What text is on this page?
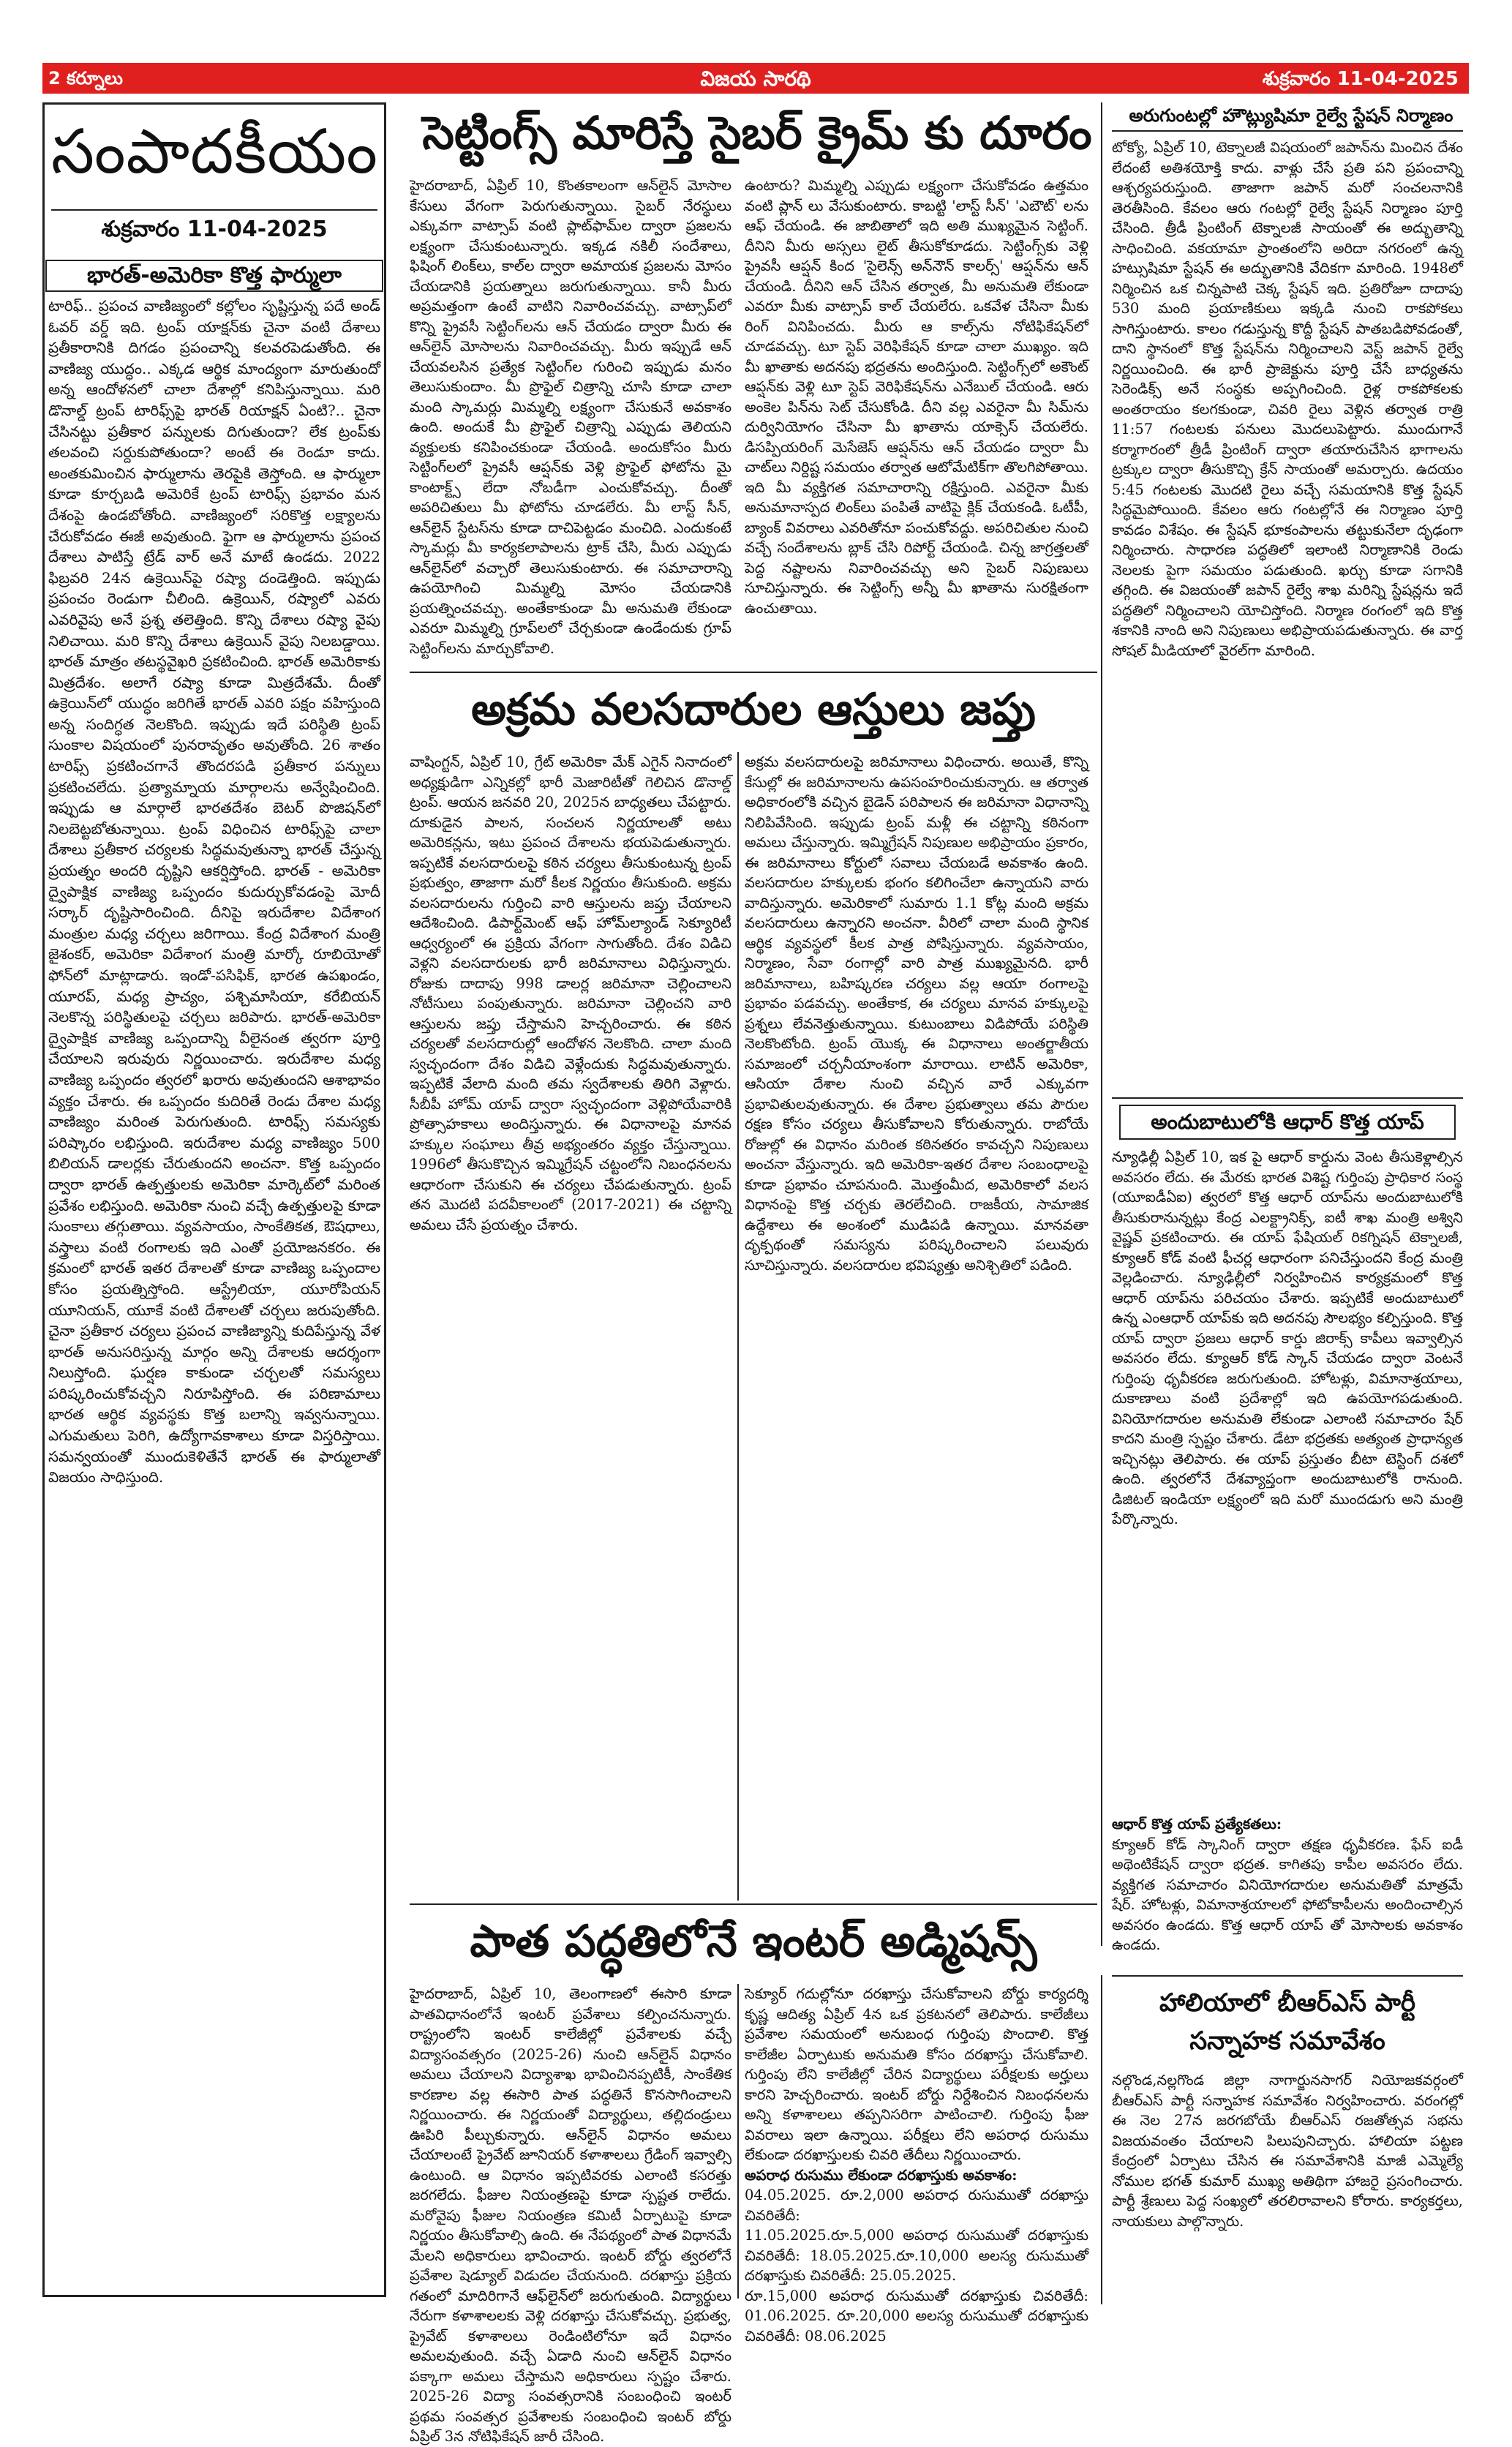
2 కర్నూలు	విజయ సారథి	శుక్రవారం 11-04-2025
సంపాదకీయం
శుక్రవారం 11-04-2025
భారత్-అమెరికా కొత్త ఫార్ములా

టారిఫ్.. ప్రపంచ వాణిజ్యంలో కల్లోలం సృష్టిస్తున్న పదే అండ్ ఓవర్ వర్డ్ ఇది. ట్రంప్ యాక్షన్‌కు చైనా వంటి దేశాలు ప్రతీకారానికి దిగడం ప్రపంచాన్ని కలవరపెడుతోంది. ఈ వాణిజ్య యుద్ధం.. ఎక్కడ ఆర్థిక మాంద్యంగా మారుతుందో అన్న ఆందోళనలో చాలా దేశాల్లో కనిపిస్తున్నాయి. మరి డొనాల్డ్ ట్రంప్ టారిఫ్స్‌పై భారత్ రియాక్షన్ ఏంటి?.. చైనా చేసినట్టు ప్రతీకార పన్నులకు దిగుతుందా? లేక ట్రంప్‌కు తలవంచి సర్దుకుపోతుందా? అంటే ఈ రెండూ కాదు. అంతకుమించిన ఫార్ములాను తెరపైకి తెస్తోంది. ఆ ఫార్ములా కూడా కూర్చబడి అమెరికే ట్రంప్ టారిఫ్స్ ప్రభావం మన దేశంపై ఉండబోతోంది. వాణిజ్యంలో సరికొత్త లక్ష్యాలను చేరుకోవడం ఈజీ అవుతుంది. ఫైగా ఆ ఫార్ములాను ప్రపంచ దేశాలు పాటిస్తే ట్రేడ్ వార్ అనే మాటే ఉండదు. 2022 ఫిబ్రవరి 24న ఉక్రెయిన్‌పై రష్యా దండెత్తింది. ఇప్పుడు ప్రపంచం రెండుగా చీలింది. ఉక్రెయిన్, రష్యాలో ఎవరు ఎవరివైపు అనే ప్రశ్న తలెత్తింది. కొన్ని దేశాలు రష్యా వైపు నిలిచాయి. మరి కొన్ని దేశాలు ఉక్రెయిన్ వైపు నిలబడ్డాయి. భారత్ మాత్రం తటస్థవైఖరి ప్రకటించింది. భారత్ అమెరికాకు మిత్రదేశం. అలాగే రష్యా కూడా మిత్రదేశమే. దీంతో ఉక్రెయిన్‌లో యుద్ధం జరిగితే భారత్ ఎవరి పక్షం వహిస్తుంది అన్న సందిగ్ధత నెలకొంది. ఇప్పుడు ఇదే పరిస్థితి ట్రంప్ సుంకాల విషయంలో పునరావృతం అవుతోంది. 26 శాతం టారిఫ్స్ ప్రకటించగానే తొందరపడి ప్రతీకార పన్నులు ప్రకటించలేదు. ప్రత్యామ్నాయ మార్గాలను అన్వేషించింది. ఇప్పుడు ఆ మార్గాలే భారతదేశం బెటర్ పొజిషన్‌లో నిలబెట్టబోతున్నాయి. ట్రంప్ విధించిన టారిఫ్స్‌పై చాలా దేశాలు ప్రతీకార చర్యలకు సిద్ధమవుతున్నా భారత్ చేస్తున్న ప్రయత్నం అందరి దృష్టిని ఆకర్షిస్తోంది. భారత్ - అమెరికా ద్వైపాక్షిక వాణిజ్య ఒప్పందం కుదుర్చుకోవడంపై మోదీ సర్కార్ దృష్టిసారించింది. దీనిపై ఇరుదేశాల విదేశాంగ మంత్రుల మధ్య చర్చలు జరిగాయి. కేంద్ర విదేశాంగ మంత్రి జైశంకర్, అమెరికా విదేశాంగ మంత్రి మార్కో రూబియోతో ఫోన్‌లో మాట్లాడారు. ఇండో-పసిఫిక్, భారత ఉపఖండం, యూరప్, మధ్య ప్రాచ్యం, పశ్చిమాసియా, కరేబియన్ నెలకొన్న పరిస్థితులపై చర్చలు జరిపారు. భారత్-అమెరికా ద్వైపాక్షిక వాణిజ్య ఒప్పందాన్ని వీలైనంత త్వరగా పూర్తి చేయాలని ఇరువురు నిర్ణయించారు. ఇరుదేశాల మధ్య వాణిజ్య ఒప్పందం త్వరలో ఖరారు అవుతుందని ఆశాభావం వ్యక్తం చేశారు. ఈ ఒప్పందం కుదిరితే రెండు దేశాల మధ్య వాణిజ్యం మరింత పెరుగుతుంది. టారిఫ్స్ సమస్యకు పరిష్కారం లభిస్తుంది. ఇరుదేశాల మధ్య వాణిజ్యం 500 బిలియన్ డాలర్లకు చేరుతుందని అంచనా. కొత్త ఒప్పందం ద్వారా భారత్ ఉత్పత్తులకు అమెరికా మార్కెట్‌లో మరింత ప్రవేశం లభిస్తుంది. అమెరికా నుంచి వచ్చే ఉత్పత్తులపై కూడా సుంకాలు తగ్గుతాయి. వ్యవసాయం, సాంకేతికత, ఔషధాలు, వస్త్రాలు వంటి రంగాలకు ఇది ఎంతో ప్రయోజనకరం. ఈ క్రమంలో భారత్ ఇతర దేశాలతో కూడా వాణిజ్య ఒప్పందాల కోసం ప్రయత్నిస్తోంది. ఆస్ట్రేలియా, యూరోపియన్ యూనియన్, యూకే వంటి దేశాలతో చర్చలు జరుపుతోంది. చైనా ప్రతీకార చర్యలు ప్రపంచ వాణిజ్యాన్ని కుదిపేస్తున్న వేళ భారత్ అనుసరిస్తున్న మార్గం అన్ని దేశాలకు ఆదర్శంగా నిలుస్తోంది. ఘర్షణ కాకుండా చర్చలతో సమస్యలు పరిష్కరించుకోవచ్చని నిరూపిస్తోంది. ఈ పరిణామాలు భారత ఆర్థిక వ్యవస్థకు కొత్త బలాన్ని ఇవ్వనున్నాయి. ఎగుమతులు పెరిగి, ఉద్యోగావకాశాలు కూడా విస్తరిస్తాయి. సమన్వయంతో ముందుకెళితేనే భారత్ ఈ ఫార్ములాతో విజయం సాధిస్తుంది.

సెట్టింగ్స్ మారిస్తే సైబర్ క్రైమ్ కు దూరం

హైదరాబాద్, ఏప్రిల్ 10, కొంతకాలంగా ఆన్‌లైన్ మోసాల కేసులు వేగంగా పెరుగుతున్నాయి. సైబర్ నేరస్థులు ఎక్కువగా వాట్సాప్ వంటి ప్లాట్‌ఫామ్‌ల ద్వారా ప్రజలను లక్ష్యంగా చేసుకుంటున్నారు. ఇక్కడ నకిలీ సందేశాలు, ఫిషింగ్ లింక్‌లు, కాల్‌ల ద్వారా అమాయక ప్రజలను మోసం చేయడానికి ప్రయత్నాలు జరుగుతున్నాయి. కానీ మీరు అప్రమత్తంగా ఉంటే వాటిని నివారించవచ్చు. వాట్సాప్‌లో కొన్ని ప్రైవసీ సెట్టింగ్‌లను ఆన్ చేయడం ద్వారా మీరు ఈ ఆన్‌లైన్ మోసాలను నివారించవచ్చు. మీరు ఇప్పుడే ఆన్ చేయవలసిన ప్రత్యేక సెట్టింగ్‌ల గురించి ఇప్పుడు మనం తెలుసుకుందాం. మీ ప్రొఫైల్ చిత్రాన్ని చూసి కూడా చాలా మంది స్కామర్లు మిమ్మల్ని లక్ష్యంగా చేసుకునే అవకాశం ఉంది. అందుకే మీ ప్రొఫైల్ చిత్రాన్ని ఎప్పుడు తెలియని వ్యక్తులకు కనిపించకుండా చేయండి. అందుకోసం మీరు సెట్టింగ్‌లలో ప్రైవసీ ఆప్షన్‌కు వెళ్లి ప్రొఫైల్ ఫోటోను మై కాంటాక్ట్స్ లేదా నోబడీగా ఎంచుకోవచ్చు. దీంతో అపరిచితులు మీ ఫోటోను చూడలేరు. మీ లాస్ట్ సీన్, ఆన్‌లైన్ స్టేటస్‌ను కూడా దాచిపెట్టడం మంచిది. ఎందుకంటే స్కామర్లు మీ కార్యకలాపాలను ట్రాక్ చేసి, మీరు ఎప్పుడు ఆన్‌లైన్‌లో వచ్చారో తెలుసుకుంటారు. ఈ సమాచారాన్ని ఉపయోగించి మిమ్మల్ని మోసం చేయడానికి ప్రయత్నించవచ్చు. అంతేకాకుండా మీ అనుమతి లేకుండా ఎవరూ మిమ్మల్ని గ్రూప్‌లలో చేర్చకుండా ఉండేందుకు గ్రూప్ సెట్టింగ్‌లను మార్చుకోవాలి.

ఉంటారు? మిమ్మల్ని ఎప్పుడు లక్ష్యంగా చేసుకోవడం ఉత్తమం వంటి ప్లాన్ లు వేసుకుంటారు. కాబట్టి 'లాస్ట్ సీన్' 'ఎబౌట్' లను ఆఫ్ చేయండి. ఈ జాబితాలో ఇది అతి ముఖ్యమైన సెట్టింగ్. దీనిని మీరు అస్సలు లైట్ తీసుకోకూడదు. సెట్టింగ్స్‌కు వెళ్లి ప్రైవసీ ఆప్షన్ కింద 'సైలెన్స్ అన్‌నౌన్ కాలర్స్' ఆప్షన్‌ను ఆన్ చేయండి. దీనిని ఆన్ చేసిన తర్వాత, మీ అనుమతి లేకుండా ఎవరూ మీకు వాట్సాప్ కాల్ చేయలేరు. ఒకవేళ చేసినా మీకు రింగ్ వినిపించదు. మీరు ఆ కాల్స్‌ను నోటిఫికేషన్‌లో చూడవచ్చు. టూ స్టెప్ వెరిఫికేషన్ కూడా చాలా ముఖ్యం. ఇది మీ ఖాతాకు అదనపు భద్రతను అందిస్తుంది. సెట్టింగ్స్‌లో అకౌంట్ ఆప్షన్‌కు వెళ్లి టూ స్టెప్ వెరిఫికేషన్‌ను ఎనేబుల్ చేయండి. ఆరు అంకెల పిన్‌ను సెట్ చేసుకోండి. దీని వల్ల ఎవరైనా మీ సిమ్‌ను దుర్వినియోగం చేసినా మీ ఖాతాను యాక్సెస్ చేయలేరు. డిసప్పియరింగ్ మెసేజెస్ ఆప్షన్‌ను ఆన్ చేయడం ద్వారా మీ చాట్‌లు నిర్దిష్ట సమయం తర్వాత ఆటోమేటిక్‌గా తొలగిపోతాయి. ఇది మీ వ్యక్తిగత సమాచారాన్ని రక్షిస్తుంది. ఎవరైనా మీకు అనుమానాస్పద లింక్‌లు పంపితే వాటిపై క్లిక్ చేయకండి. ఓటీపీ, బ్యాంక్ వివరాలు ఎవరితోనూ పంచుకోవద్దు. అపరిచితుల నుంచి వచ్చే సందేశాలను బ్లాక్ చేసి రిపోర్ట్ చేయండి. చిన్న జాగ్రత్తలతో పెద్ద నష్టాలను నివారించవచ్చు అని సైబర్ నిపుణులు సూచిస్తున్నారు. ఈ సెట్టింగ్స్ అన్నీ మీ ఖాతాను సురక్షితంగా ఉంచుతాయి.

అరుగుంటల్లో హౌట్ల్యుషిమా రైల్వే స్టేషన్ నిర్మాణం

టోక్యో, ఏప్రిల్ 10, టెక్నాలజీ విషయంలో జపాన్‌ను మించిన దేశం లేదంటే అతిశయోక్తి కాదు. వాళ్లు చేసే ప్రతి పని ప్రపంచాన్ని ఆశ్చర్యపరుస్తుంది. తాజాగా జపాన్ మరో సంచలనానికి తెరతీసింది. కేవలం ఆరు గంటల్లో రైల్వే స్టేషన్ నిర్మాణం పూర్తి చేసింది. త్రీడీ ప్రింటింగ్ టెక్నాలజీ సాయంతో ఈ అద్భుతాన్ని సాధించింది. వకయామా ప్రాంతంలోని అరిదా నగరంలో ఉన్న హట్సుషిమా స్టేషన్ ఈ అద్భుతానికి వేదికగా మారింది. 1948లో నిర్మించిన ఒక చిన్నపాటి చెక్క స్టేషన్ ఇది. ప్రతిరోజూ దాదాపు 530 మంది ప్రయాణికులు ఇక్కడి నుంచి రాకపోకలు సాగిస్తుంటారు. కాలం గడుస్తున్న కొద్దీ స్టేషన్ పాతబడిపోవడంతో, దాని స్థానంలో కొత్త స్టేషన్‌ను నిర్మించాలని వెస్ట్ జపాన్ రైల్వే నిర్ణయించింది. ఈ భారీ ప్రాజెక్టును పూర్తి చేసే బాధ్యతను సెరెండిక్స్ అనే సంస్థకు అప్పగించింది. రైళ్ల రాకపోకలకు అంతరాయం కలగకుండా, చివరి రైలు వెళ్లిన తర్వాత రాత్రి 11:57 గంటలకు పనులు మొదలుపెట్టారు. ముందుగానే కర్మాగారంలో త్రీడీ ప్రింటింగ్ ద్వారా తయారుచేసిన భాగాలను ట్రక్కుల ద్వారా తీసుకొచ్చి క్రేన్ సాయంతో అమర్చారు. ఉదయం 5:45 గంటలకు మొదటి రైలు వచ్చే సమయానికి కొత్త స్టేషన్ సిద్ధమైపోయింది. కేవలం ఆరు గంటల్లోనే ఈ నిర్మాణం పూర్తి కావడం విశేషం. ఈ స్టేషన్ భూకంపాలను తట్టుకునేలా దృఢంగా నిర్మించారు. సాధారణ పద్ధతిలో ఇలాంటి నిర్మాణానికి రెండు నెలలకు పైగా సమయం పడుతుంది. ఖర్చు కూడా సగానికి తగ్గింది. ఈ విజయంతో జపాన్ రైల్వే శాఖ మరిన్ని స్టేషన్లను ఇదే పద్ధతిలో నిర్మించాలని యోచిస్తోంది. నిర్మాణ రంగంలో ఇది కొత్త శకానికి నాంది అని నిపుణులు అభిప్రాయపడుతున్నారు. ఈ వార్త సోషల్ మీడియాలో వైరల్‌గా మారింది.

అక్రమ వలసదారుల ఆస్తులు జప్తు

వాషింగ్టన్, ఏప్రిల్ 10, గ్రేట్ అమెరికా మేక్ ఎగైన్ నినాదంలో అధ్యక్షుడిగా ఎన్నికల్లో భారీ మెజారిటీతో గెలిచిన డొనాల్డ్ ట్రంప్. ఆయన జనవరి 20, 2025న బాధ్యతలు చేపట్టారు. దూకుడైన పాలన, సంచలన నిర్ణయాలతో అటు అమెరికన్లను, ఇటు ప్రపంచ దేశాలను భయపెడుతున్నారు. ఇప్పటికే వలసదారులపై కఠిన చర్యలు తీసుకుంటున్న ట్రంప్ ప్రభుత్వం, తాజాగా మరో కీలక నిర్ణయం తీసుకుంది. అక్రమ వలసదారులను గుర్తించి వారి ఆస్తులను జప్తు చేయాలని ఆదేశించింది. డిపార్ట్‌మెంట్ ఆఫ్ హోమ్‌ల్యాండ్ సెక్యూరిటీ ఆధ్వర్యంలో ఈ ప్రక్రియ వేగంగా సాగుతోంది. దేశం విడిచి వెళ్లని వలసదారులకు భారీ జరిమానాలు విధిస్తున్నారు. రోజుకు దాదాపు 998 డాలర్ల జరిమానా చెల్లించాలని నోటీసులు పంపుతున్నారు. జరిమానా చెల్లించని వారి ఆస్తులను జప్తు చేస్తామని హెచ్చరించారు. ఈ కఠిన చర్యలతో వలసదారుల్లో ఆందోళన నెలకొంది. చాలా మంది స్వచ్ఛందంగా దేశం విడిచి వెళ్లేందుకు సిద్ధమవుతున్నారు. ఇప్పటికే వేలాది మంది తమ స్వదేశాలకు తిరిగి వెళ్లారు. సీబీపీ హోమ్ యాప్ ద్వారా స్వచ్ఛందంగా వెళ్లిపోయేవారికి ప్రోత్సాహకాలు అందిస్తున్నారు. ఈ విధానాలపై మానవ హక్కుల సంఘాలు తీవ్ర అభ్యంతరం వ్యక్తం చేస్తున్నాయి. 1996లో తీసుకొచ్చిన ఇమ్మిగ్రేషన్ చట్టంలోని నిబంధనలను ఆధారంగా చేసుకుని ఈ చర్యలు చేపడుతున్నారు. ట్రంప్ తన మొదటి పదవీకాలంలో (2017-2021) ఈ చట్టాన్ని అమలు చేసే ప్రయత్నం చేశారు.

అక్రమ వలసదారులపై జరిమానాలు విధించారు. అయితే, కొన్ని కేసుల్లో ఈ జరిమానాలను ఉపసంహరించుకున్నారు. ఆ తర్వాత అధికారంలోకి వచ్చిన బైడెన్ పరిపాలన ఈ జరిమానా విధానాన్ని నిలిపివేసింది. ఇప్పుడు ట్రంప్ మళ్లీ ఈ చట్టాన్ని కఠినంగా అమలు చేస్తున్నారు. ఇమ్మిగ్రేషన్ నిపుణుల అభిప్రాయం ప్రకారం, ఈ జరిమానాలు కోర్టులో సవాలు చేయబడే అవకాశం ఉంది. వలసదారుల హక్కులకు భంగం కలిగించేలా ఉన్నాయని వారు వాదిస్తున్నారు. అమెరికాలో సుమారు 1.1 కోట్ల మంది అక్రమ వలసదారులు ఉన్నారని అంచనా. వీరిలో చాలా మంది స్థానిక ఆర్థిక వ్యవస్థలో కీలక పాత్ర పోషిస్తున్నారు. వ్యవసాయం, నిర్మాణం, సేవా రంగాల్లో వారి పాత్ర ముఖ్యమైనది. భారీ జరిమానాలు, బహిష్కరణ చర్యలు వల్ల ఆయా రంగాలపై ప్రభావం పడవచ్చు. అంతేకాక, ఈ చర్యలు మానవ హక్కులపై ప్రశ్నలు లేవనెత్తుతున్నాయి. కుటుంబాలు విడిపోయే పరిస్థితి నెలకొంటోంది. ట్రంప్ యొక్క ఈ విధానాలు అంతర్జాతీయ సమాజంలో చర్చనీయాంశంగా మారాయి. లాటిన్ అమెరికా, ఆసియా దేశాల నుంచి వచ్చిన వారే ఎక్కువగా ప్రభావితులవుతున్నారు. ఈ దేశాల ప్రభుత్వాలు తమ పౌరుల రక్షణ కోసం చర్యలు తీసుకోవాలని కోరుతున్నారు. రాబోయే రోజుల్లో ఈ విధానం మరింత కఠినతరం కావచ్చని నిపుణులు అంచనా వేస్తున్నారు. ఇది అమెరికా-ఇతర దేశాల సంబంధాలపై కూడా ప్రభావం చూపనుంది. మొత్తంమీద, అమెరికాలో వలస విధానంపై కొత్త చర్చకు తెరలేచింది. రాజకీయ, సామాజిక ఉద్దేశాలు ఈ అంశంలో ముడిపడి ఉన్నాయి. మానవతా దృక్పథంతో సమస్యను పరిష్కరించాలని పలువురు సూచిస్తున్నారు. వలసదారుల భవిష్యత్తు అనిశ్చితిలో పడింది.

అందుబాటులోకి ఆధార్ కొత్త యాప్

న్యూఢిల్లీ ఏప్రిల్ 10, ఇక పై ఆధార్ కార్డును వెంట తీసుకెళ్లాల్సిన అవసరం లేదు. ఈ మేరకు భారత విశిష్ట గుర్తింపు ప్రాధికార సంస్థ (యూఐడీఏఐ) త్వరలో కొత్త ఆధార్ యాప్‌ను అందుబాటులోకి తీసుకురానున్నట్లు కేంద్ర ఎలక్ట్రానిక్స్, ఐటీ శాఖ మంత్రి అశ్విని వైష్ణవ్ ప్రకటించారు. ఈ యాప్ ఫేషియల్ రికగ్నిషన్ టెక్నాలజీ, క్యూఆర్ కోడ్ వంటి ఫీచర్ల ఆధారంగా పనిచేస్తుందని కేంద్ర మంత్రి వెల్లడించారు. న్యూఢిల్లీలో నిర్వహించిన కార్యక్రమంలో కొత్త ఆధార్ యాప్‌ను పరిచయం చేశారు. ఇప్పటికే అందుబాటులో ఉన్న ఎంఆధార్ యాప్‌కు ఇది అదనపు సౌలభ్యం కల్పిస్తుంది. కొత్త యాప్ ద్వారా ప్రజలు ఆధార్ కార్డు జిరాక్స్ కాపీలు ఇవ్వాల్సిన అవసరం లేదు. క్యూఆర్ కోడ్ స్కాన్ చేయడం ద్వారా వెంటనే గుర్తింపు ధృవీకరణ జరుగుతుంది. హోటళ్లు, విమానాశ్రయాలు, దుకాణాలు వంటి ప్రదేశాల్లో ఇది ఉపయోగపడుతుంది. వినియోగదారుల అనుమతి లేకుండా ఎలాంటి సమాచారం షేర్ కాదని మంత్రి స్పష్టం చేశారు. డేటా భద్రతకు అత్యంత ప్రాధాన్యత ఇచ్చినట్లు తెలిపారు. ఈ యాప్ ప్రస్తుతం బీటా టెస్టింగ్ దశలో ఉంది. త్వరలోనే దేశవ్యాప్తంగా అందుబాటులోకి రానుంది. డిజిటల్ ఇండియా లక్ష్యంలో ఇది మరో ముందడుగు అని మంత్రి పేర్కొన్నారు.

ఆధార్ కొత్త యాప్ ప్రత్యేకతలు:

క్యూఆర్ కోడ్ స్కానింగ్ ద్వారా తక్షణ ధృవీకరణ. ఫేస్ ఐడీ అథెంటికేషన్ ద్వారా భద్రత. కాగితపు కాపీల అవసరం లేదు. వ్యక్తిగత సమాచారం వినియోగదారుల అనుమతితో మాత్రమే షేర్. హోటళ్లు, విమానాశ్రయాలలో ఫోటోకాపీలను అందించాల్సిన అవసరం ఉండదు. కొత్త ఆధార్ యాప్ తో మోసాలకు అవకాశం ఉండదు.

హాలియాలో బీఆర్ఎస్ పార్టీ సన్నాహక సమావేశం

నల్గొండ,నల్లగొండ జిల్లా నాగార్జునసాగర్ నియోజకవర్గంలో బీఆర్ఎస్ పార్టీ సన్నాహక సమావేశం నిర్వహించారు. వరంగల్లో ఈ నెల 27న జరగబోయే బీఆర్ఎస్ రజతోత్సవ సభను విజయవంతం చేయాలని పిలుపునిచ్చారు. హాలియా పట్టణ కేంద్రంలో ఏర్పాటు చేసిన ఈ సమావేశానికి మాజీ ఎమ్మెల్యే నోముల భగత్ కుమార్ ముఖ్య అతిథిగా హాజరై ప్రసంగించారు. పార్టీ శ్రేణులు పెద్ద సంఖ్యలో తరలిరావాలని కోరారు. కార్యకర్తలు, నాయకులు పాల్గొన్నారు.

పాత పద్ధతిలోనే ఇంటర్ అడ్మిషన్స్

హైదరాబాద్, ఏప్రిల్ 10, తెలంగాణలో ఈసారి కూడా పాతవిధానంలోనే ఇంటర్ ప్రవేశాలు కల్పించనున్నారు. రాష్ట్రంలోని ఇంటర్ కాలేజీల్లో ప్రవేశాలకు వచ్చే విద్యాసంవత్సరం (2025-26) నుంచి ఆన్‌లైన్ విధానం అమలు చేయాలని విద్యాశాఖ భావించినప్పటికీ, సాంకేతిక కారణాల వల్ల ఈసారి పాత పద్ధతినే కొనసాగించాలని నిర్ణయించారు. ఈ నిర్ణయంతో విద్యార్థులు, తల్లిదండ్రులు ఊపిరి పీల్చుకున్నారు. ఆన్‌లైన్ విధానం అమలు చేయాలంటే ప్రైవేట్ జూనియర్ కళాశాలలు గ్రేడింగ్ ఇవ్వాల్సి ఉంటుంది. ఆ విధానం ఇప్పటివరకు ఎలాంటి కసరత్తు జరగలేదు. ఫీజుల నియంత్రణపై కూడా స్పష్టత రాలేదు. మరోవైపు ఫీజుల నియంత్రణ కమిటీ ఏర్పాటుపై కూడా నిర్ణయం తీసుకోవాల్సి ఉంది. ఈ నేపథ్యంలో పాత విధానమే మేలని అధికారులు భావించారు. ఇంటర్ బోర్డు త్వరలోనే ప్రవేశాల షెడ్యూల్ విడుదల చేయనుంది. దరఖాస్తు ప్రక్రియ గతంలో మాదిరిగానే ఆఫ్‌లైన్‌లో జరుగుతుంది. విద్యార్థులు నేరుగా కళాశాలలకు వెళ్లి దరఖాస్తు చేసుకోవచ్చు. ప్రభుత్వ, ప్రైవేట్ కళాశాలలు రెండింటిలోనూ ఇదే విధానం అమలవుతుంది. వచ్చే ఏడాది నుంచి ఆన్‌లైన్ విధానం పక్కాగా అమలు చేస్తామని అధికారులు స్పష్టం చేశారు. 2025-26 విద్యా సంవత్సరానికి సంబంధించి ఇంటర్ ప్రథమ సంవత్సర ప్రవేశాలకు సంబంధించి ఇంటర్ బోర్డు ఏప్రిల్ 3న నోటిఫికేషన్ జారీ చేసింది.

సెక్యూర్ గదుల్లోనూ దరఖాస్తు చేసుకోవాలని బోర్డు కార్యదర్శి కృష్ణ ఆదిత్య ఏప్రిల్ 4న ఒక ప్రకటనలో తెలిపారు. కాలేజీలు ప్రవేశాల సమయంలో అనుబంధ గుర్తింపు పొందాలి. కొత్త కాలేజీల ఏర్పాటుకు అనుమతి కోసం దరఖాస్తు చేసుకోవాలి. గుర్తింపు లేని కాలేజీల్లో చేరిన విద్యార్థులు పరీక్షలకు అర్హులు కారని హెచ్చరించారు. ఇంటర్ బోర్డు నిర్దేశించిన నిబంధనలను అన్ని కళాశాలలు తప్పనిసరిగా పాటించాలి. గుర్తింపు ఫీజు వివరాలు ఇలా ఉన్నాయి. పరీక్షలు లేని అపరాధ రుసుము లేకుండా దరఖాస్తులకు చివరి తేదీలు నిర్ణయించారు.

అపరాధ రుసుము లేకుండా దరఖాస్తుకు అవకాశం:

04.05.2025. రూ.2,000 అపరాధ రుసుముతో దరఖాస్తు చివరితేదీ:

11.05.2025.రూ.5,000 అపరాధ రుసుముతో దరఖాస్తుకు చివరితేదీ: 18.05.2025.రూ.10,000 అలస్య రుసుముతో దరఖాస్తుకు చివరితేదీ: 25.05.2025.

రూ.15,000 అపరాధ రుసుముతో దరఖాస్తుకు చివరితేదీ: 01.06.2025. రూ.20,000 అలస్య రుసుముతో దరఖాస్తుకు చివరితేదీ: 08.06.2025
